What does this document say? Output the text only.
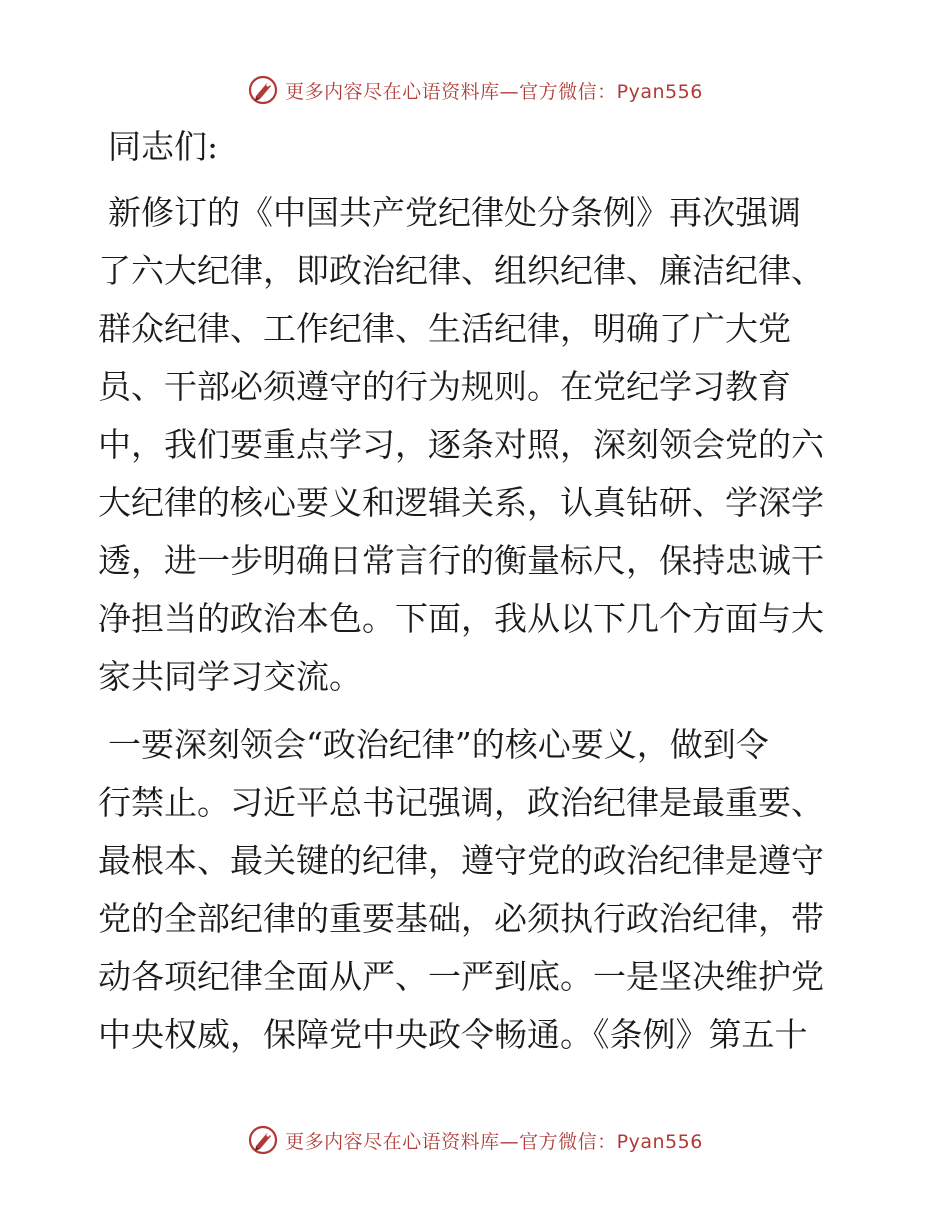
更多内容尽在心语资料库—官方微信：Pyan556
同志们:
新修订的《中国共产党纪律处分条例》再次强调
了六大纪律，即政治纪律、组织纪律、廉洁纪律、
群众纪律、工作纪律、生活纪律，明确了广大党
员、干部必须遵守的行为规则。在党纪学习教育
中，我们要重点学习，逐条对照，深刻领会党的六
大纪律的核心要义和逻辑关系，认真钻研、学深学
透，进一步明确日常言行的衡量标尺，保持忠诚干
净担当的政治本色。下面，我从以下几个方面与大
家共同学习交流。
一要深刻领会“政治纪律”的核心要义，做到令
行禁止。习近平总书记强调，政治纪律是最重要、
最根本、最关键的纪律，遵守党的政治纪律是遵守
党的全部纪律的重要基础，必须执行政治纪律，带
动各项纪律全面从严、一严到底。一是坚决维护党
中央权威，保障党中央政令畅通。《条例》第五十
更多内容尽在心语资料库—官方微信：Pyan556
